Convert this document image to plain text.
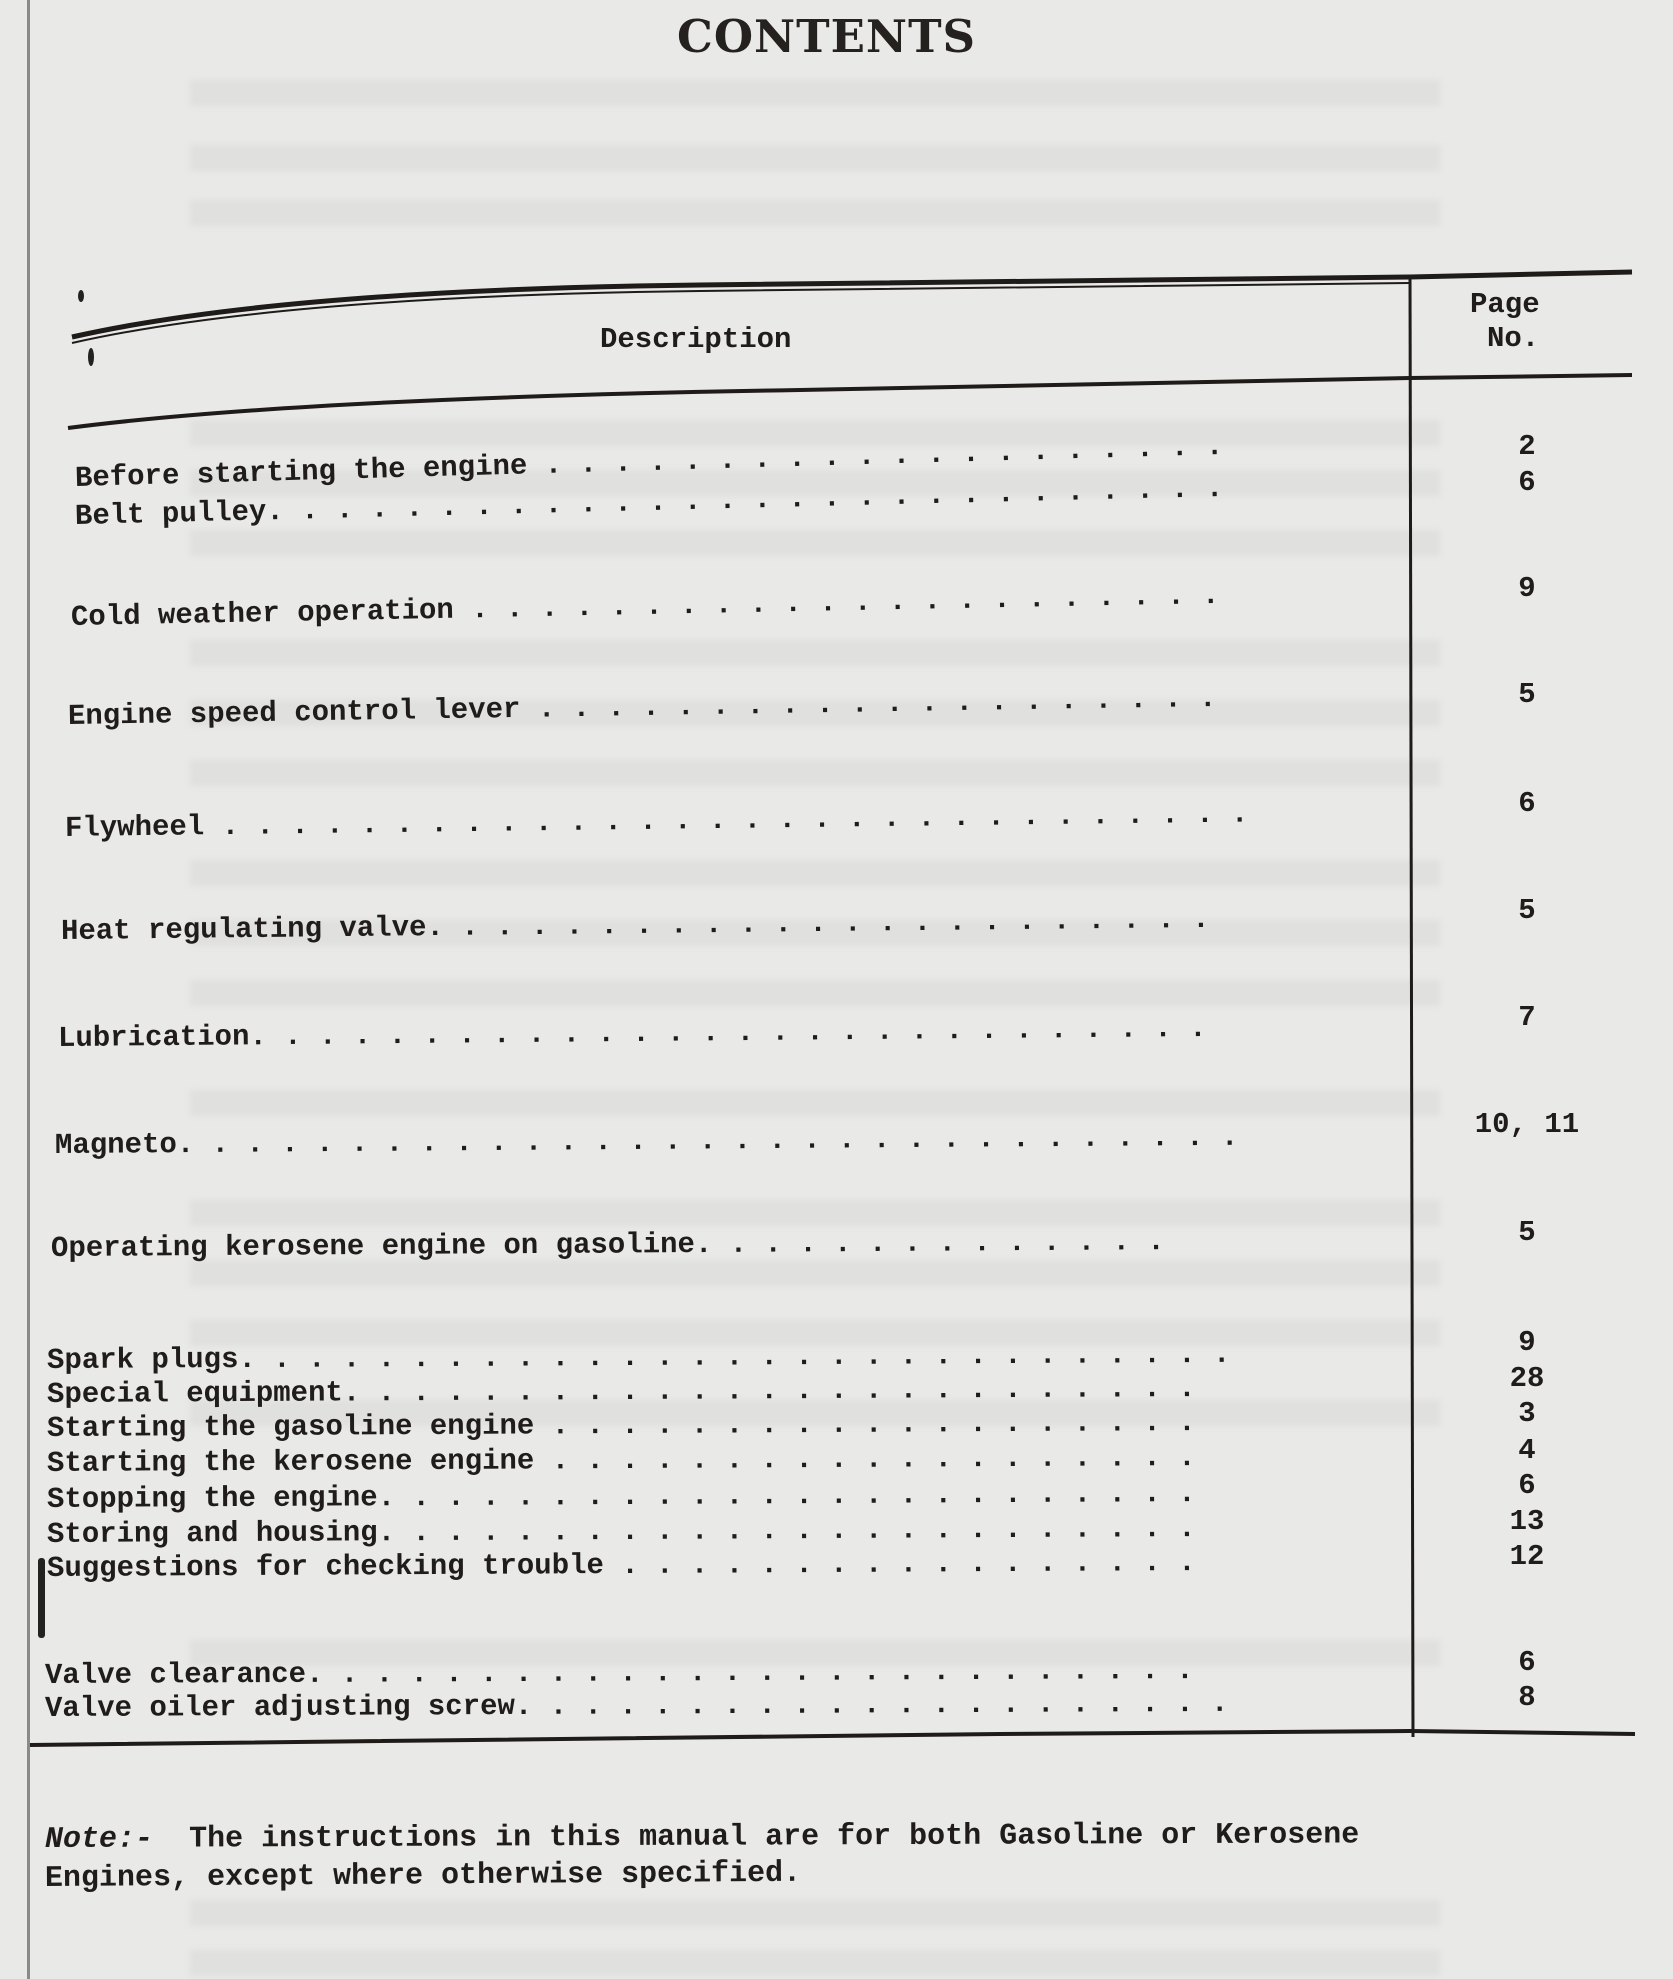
CONTENTS
Description
Page
No.
Before starting the engine . . . . . . . . . . . . . . . . . . . .
Belt pulley. . . . . . . . . . . . . . . . . . . . . . . . . . . .
Cold weather operation . . . . . . . . . . . . . . . . . . . . . .
Engine speed control lever . . . . . . . . . . . . . . . . . . . .
Flywheel . . . . . . . . . . . . . . . . . . . . . . . . . . . . . .
Heat regulating valve. . . . . . . . . . . . . . . . . . . . . . .
Lubrication. . . . . . . . . . . . . . . . . . . . . . . . . . . .
Magneto. . . . . . . . . . . . . . . . . . . . . . . . . . . . . . .
Operating kerosene engine on gasoline. . . . . . . . . . . . . .
Spark plugs. . . . . . . . . . . . . . . . . . . . . . . . . . . . .
Special equipment. . . . . . . . . . . . . . . . . . . . . . . . .
Starting the gasoline engine . . . . . . . . . . . . . . . . . . .
Starting the kerosene engine . . . . . . . . . . . . . . . . . . .
Stopping the engine. . . . . . . . . . . . . . . . . . . . . . . .
Storing and housing. . . . . . . . . . . . . . . . . . . . . . . .
Suggestions for checking trouble . . . . . . . . . . . . . . . . .
Valve clearance. . . . . . . . . . . . . . . . . . . . . . . . . .
Valve oiler adjusting screw. . . . . . . . . . . . . . . . . . . . .
2
6
9
5
6
5
7
10, 11
5
9
28
3
4
6
13
12
6
8
Note:- The instructions in this manual are for both Gasoline or Kerosene
Engines, except where otherwise specified.
